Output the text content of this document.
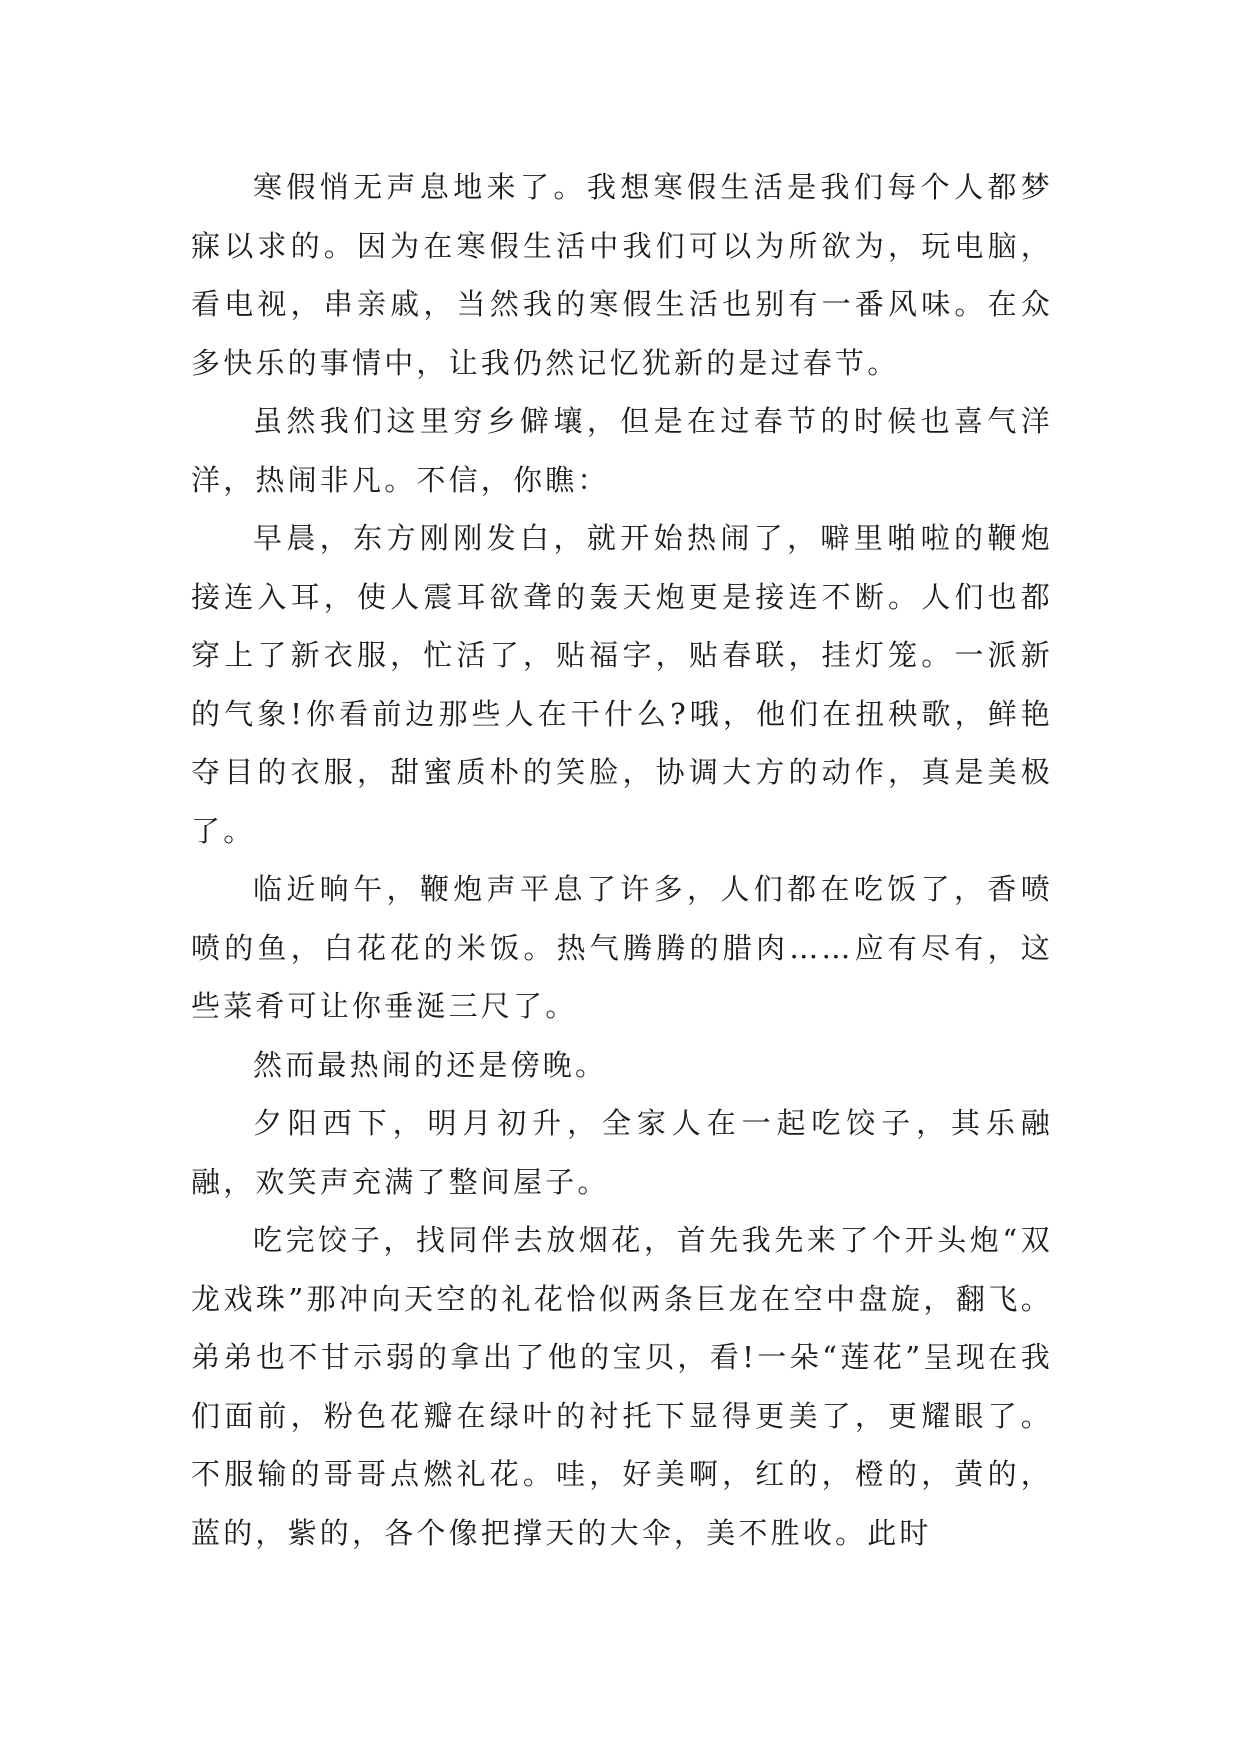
寒假悄无声息地来了。我想寒假生活是我们每个人都梦寐以求的。因为在寒假生活中我们可以为所欲为，玩电脑，看电视，串亲戚，当然我的寒假生活也别有一番风味。在众多快乐的事情中，让我仍然记忆犹新的是过春节。

虽然我们这里穷乡僻壤，但是在过春节的时候也喜气洋洋，热闹非凡。不信，你瞧：

早晨，东方刚刚发白，就开始热闹了，噼里啪啦的鞭炮接连入耳，使人震耳欲聋的轰天炮更是接连不断。人们也都穿上了新衣服，忙活了，贴福字，贴春联，挂灯笼。一派新的气象!你看前边那些人在干什么?哦，他们在扭秧歌，鲜艳夺目的衣服，甜蜜质朴的笑脸，协调大方的动作，真是美极了。

临近晌午，鞭炮声平息了许多，人们都在吃饭了，香喷喷的鱼，白花花的米饭。热气腾腾的腊肉……应有尽有，这些菜肴可让你垂涎三尺了。

然而最热闹的还是傍晚。

夕阳西下，明月初升，全家人在一起吃饺子，其乐融融，欢笑声充满了整间屋子。

吃完饺子，找同伴去放烟花，首先我先来了个开头炮“双龙戏珠”那冲向天空的礼花恰似两条巨龙在空中盘旋，翻飞。弟弟也不甘示弱的拿出了他的宝贝，看!一朵“莲花”呈现在我们面前，粉色花瓣在绿叶的衬托下显得更美了，更耀眼了。不服输的哥哥点燃礼花。哇，好美啊，红的，橙的，黄的，蓝的，紫的，各个像把撑天的大伞，美不胜收。此时
